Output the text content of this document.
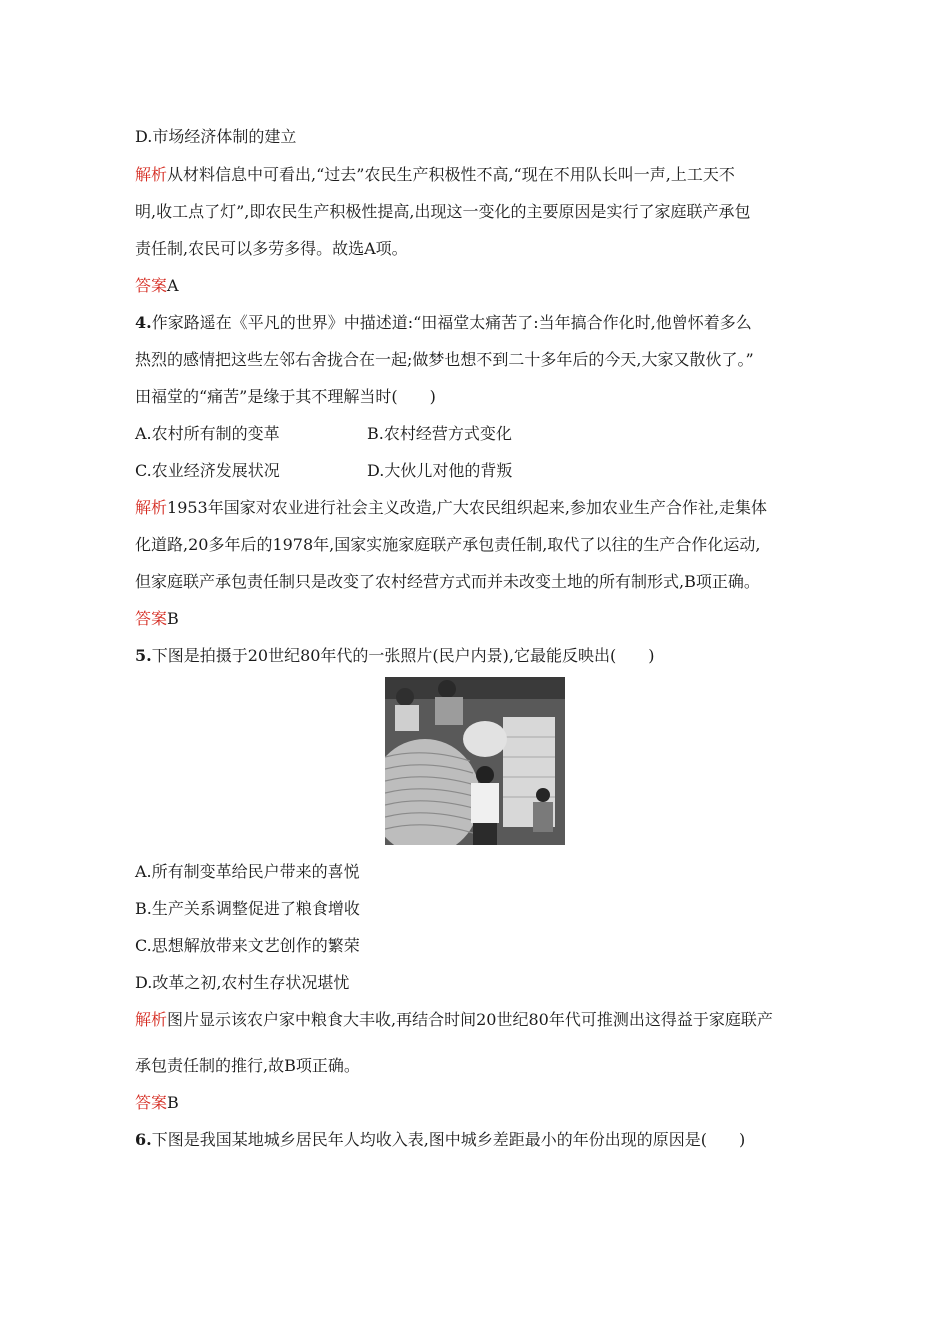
D.市场经济体制的建立
解析从材料信息中可看出,“过去”农民生产积极性不高,“现在不用队长叫一声,上工天不
明,收工点了灯”,即农民生产积极性提高,出现这一变化的主要原因是实行了家庭联产承包
责任制,农民可以多劳多得。故选A项。
答案A
4.作家路遥在《平凡的世界》中描述道:“田福堂太痛苦了:当年搞合作化时,他曾怀着多么
热烈的感情把这些左邻右舍拢合在一起;做梦也想不到二十多年后的今天,大家又散伙了。”
田福堂的“痛苦”是缘于其不理解当时(　　)
A.农村所有制的变革	B.农村经营方式变化
C.农业经济发展状况	D.大伙儿对他的背叛
解析1953年国家对农业进行社会主义改造,广大农民组织起来,参加农业生产合作社,走集体
化道路,20多年后的1978年,国家实施家庭联产承包责任制,取代了以往的生产合作化运动,
但家庭联产承包责任制只是改变了农村经营方式而并未改变土地的所有制形式,B项正确。
答案B
5.下图是拍摄于20世纪80年代的一张照片(民户内景),它最能反映出(　　)
A.所有制变革给民户带来的喜悦
B.生产关系调整促进了粮食增收
C.思想解放带来文艺创作的繁荣
D.改革之初,农村生存状况堪忧
解析图片显示该农户家中粮食大丰收,再结合时间20世纪80年代可推测出这得益于家庭联产
承包责任制的推行,故B项正确。
答案B
6.下图是我国某地城乡居民年人均收入表,图中城乡差距最小的年份出现的原因是(　　)
